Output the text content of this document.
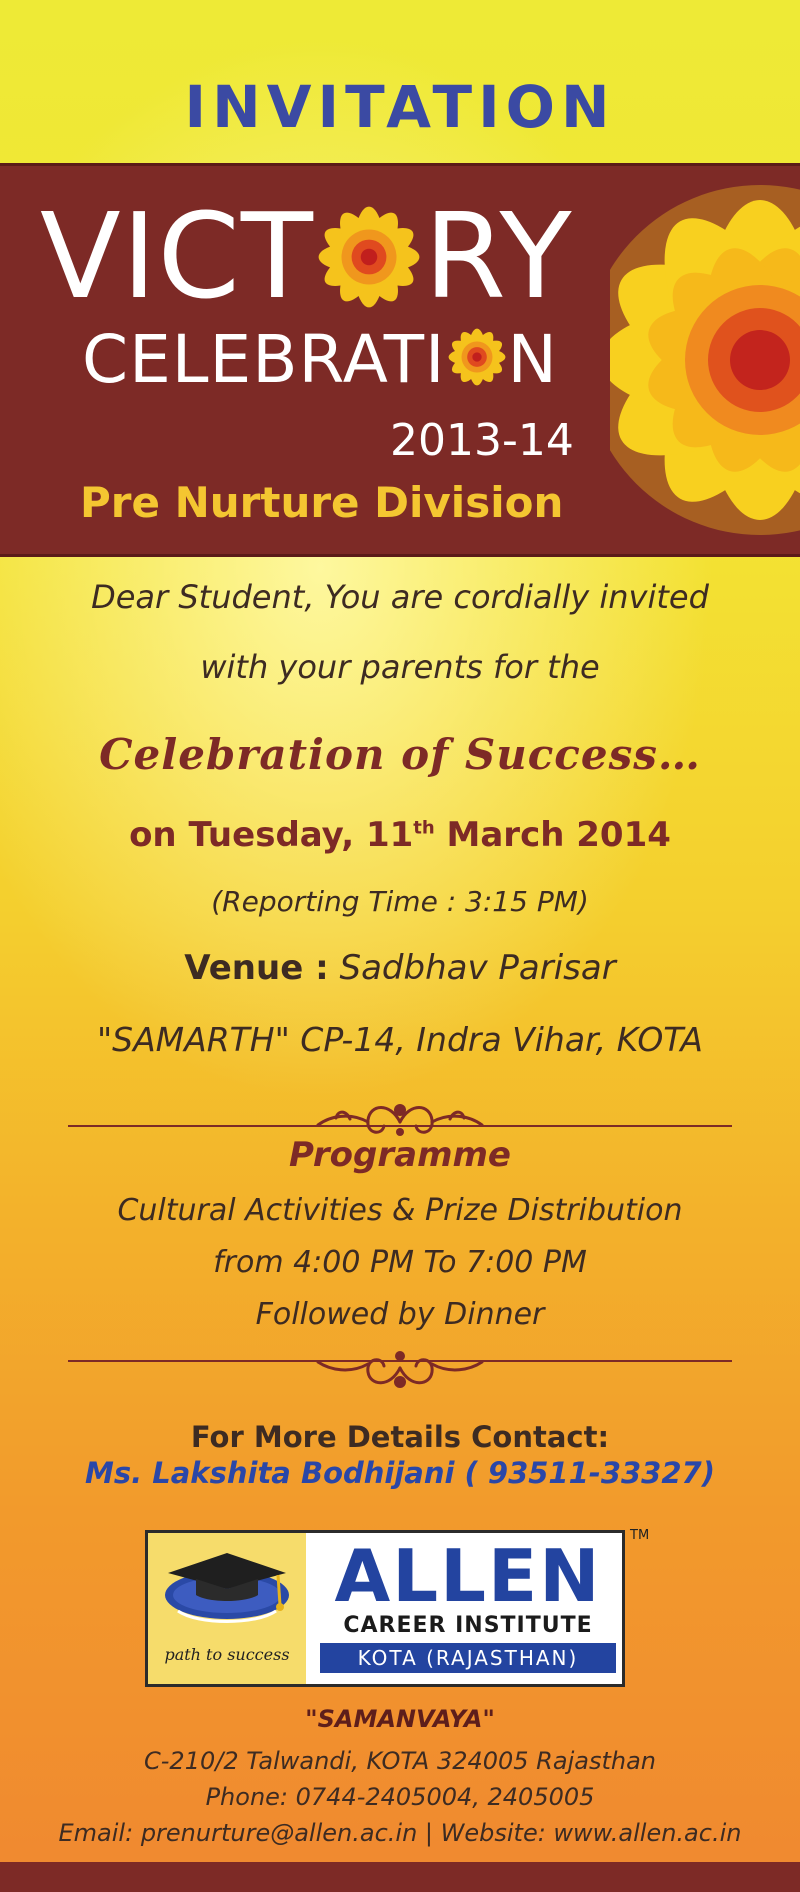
INVITATION
VICT RY
CELEBRATI N
2013-14
Pre Nurture Division
Dear Student, You are cordially invited
with your parents for the
Celebration of Success…
on Tuesday, 11th March 2014
(Reporting Time : 3:15 PM)
Venue : Sadbhav Parisar
"SAMARTH" CP-14, Indra Vihar, KOTA
Programme
Cultural Activities & Prize Distribution
from 4:00 PM To 7:00 PM
Followed by Dinner
For More Details Contact:
Ms. Lakshita Bodhijani ( 93511-33327)
path to success
ALLEN
CAREER INSTITUTE
KOTA (RAJASTHAN)
TM
"SAMANVAYA"
C-210/2 Talwandi, KOTA 324005 Rajasthan
Phone: 0744-2405004, 2405005
Email: prenurture@allen.ac.in | Website: www.allen.ac.in
